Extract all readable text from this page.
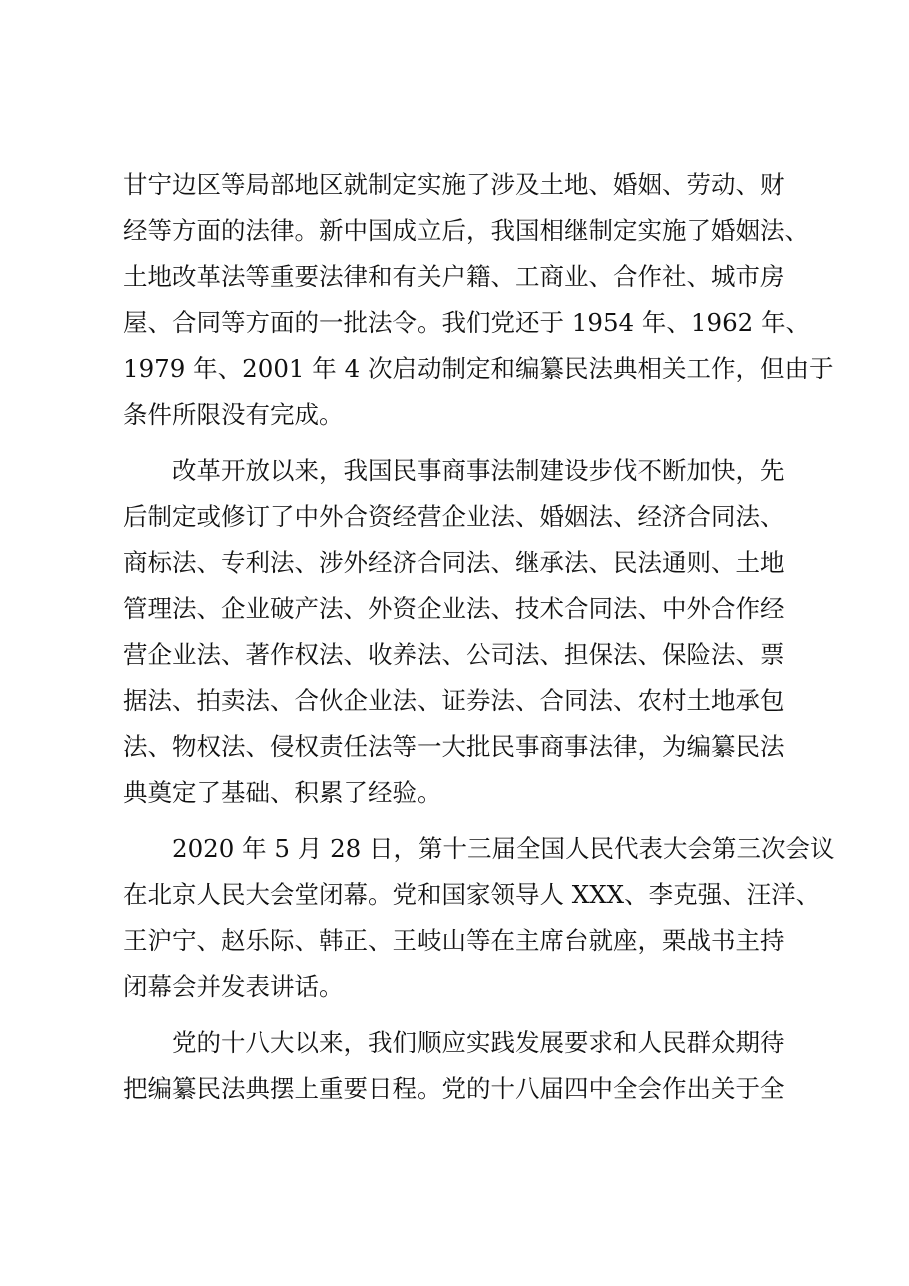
甘宁边区等局部地区就制定实施了涉及土地、婚姻、劳动、财
经等方面的法律。新中国成立后，我国相继制定实施了婚姻法、
土地改革法等重要法律和有关户籍、工商业、合作社、城市房
屋、合同等方面的一批法令。我们党还于 1954 年、1962 年、
1979 年、2001 年 4 次启动制定和编纂民法典相关工作，但由于
条件所限没有完成。
改革开放以来，我国民事商事法制建设步伐不断加快，先
后制定或修订了中外合资经营企业法、婚姻法、经济合同法、
商标法、专利法、涉外经济合同法、继承法、民法通则、土地
管理法、企业破产法、外资企业法、技术合同法、中外合作经
营企业法、著作权法、收养法、公司法、担保法、保险法、票
据法、拍卖法、合伙企业法、证券法、合同法、农村土地承包
法、物权法、侵权责任法等一大批民事商事法律，为编纂民法
典奠定了基础、积累了经验。
2020 年 5 月 28 日，第十三届全国人民代表大会第三次会议
在北京人民大会堂闭幕。党和国家领导人 XXX、李克强、汪洋、
王沪宁、赵乐际、韩正、王岐山等在主席台就座，栗战书主持
闭幕会并发表讲话。
党的十八大以来，我们顺应实践发展要求和人民群众期待
把编纂民法典摆上重要日程。党的十八届四中全会作出关于全
